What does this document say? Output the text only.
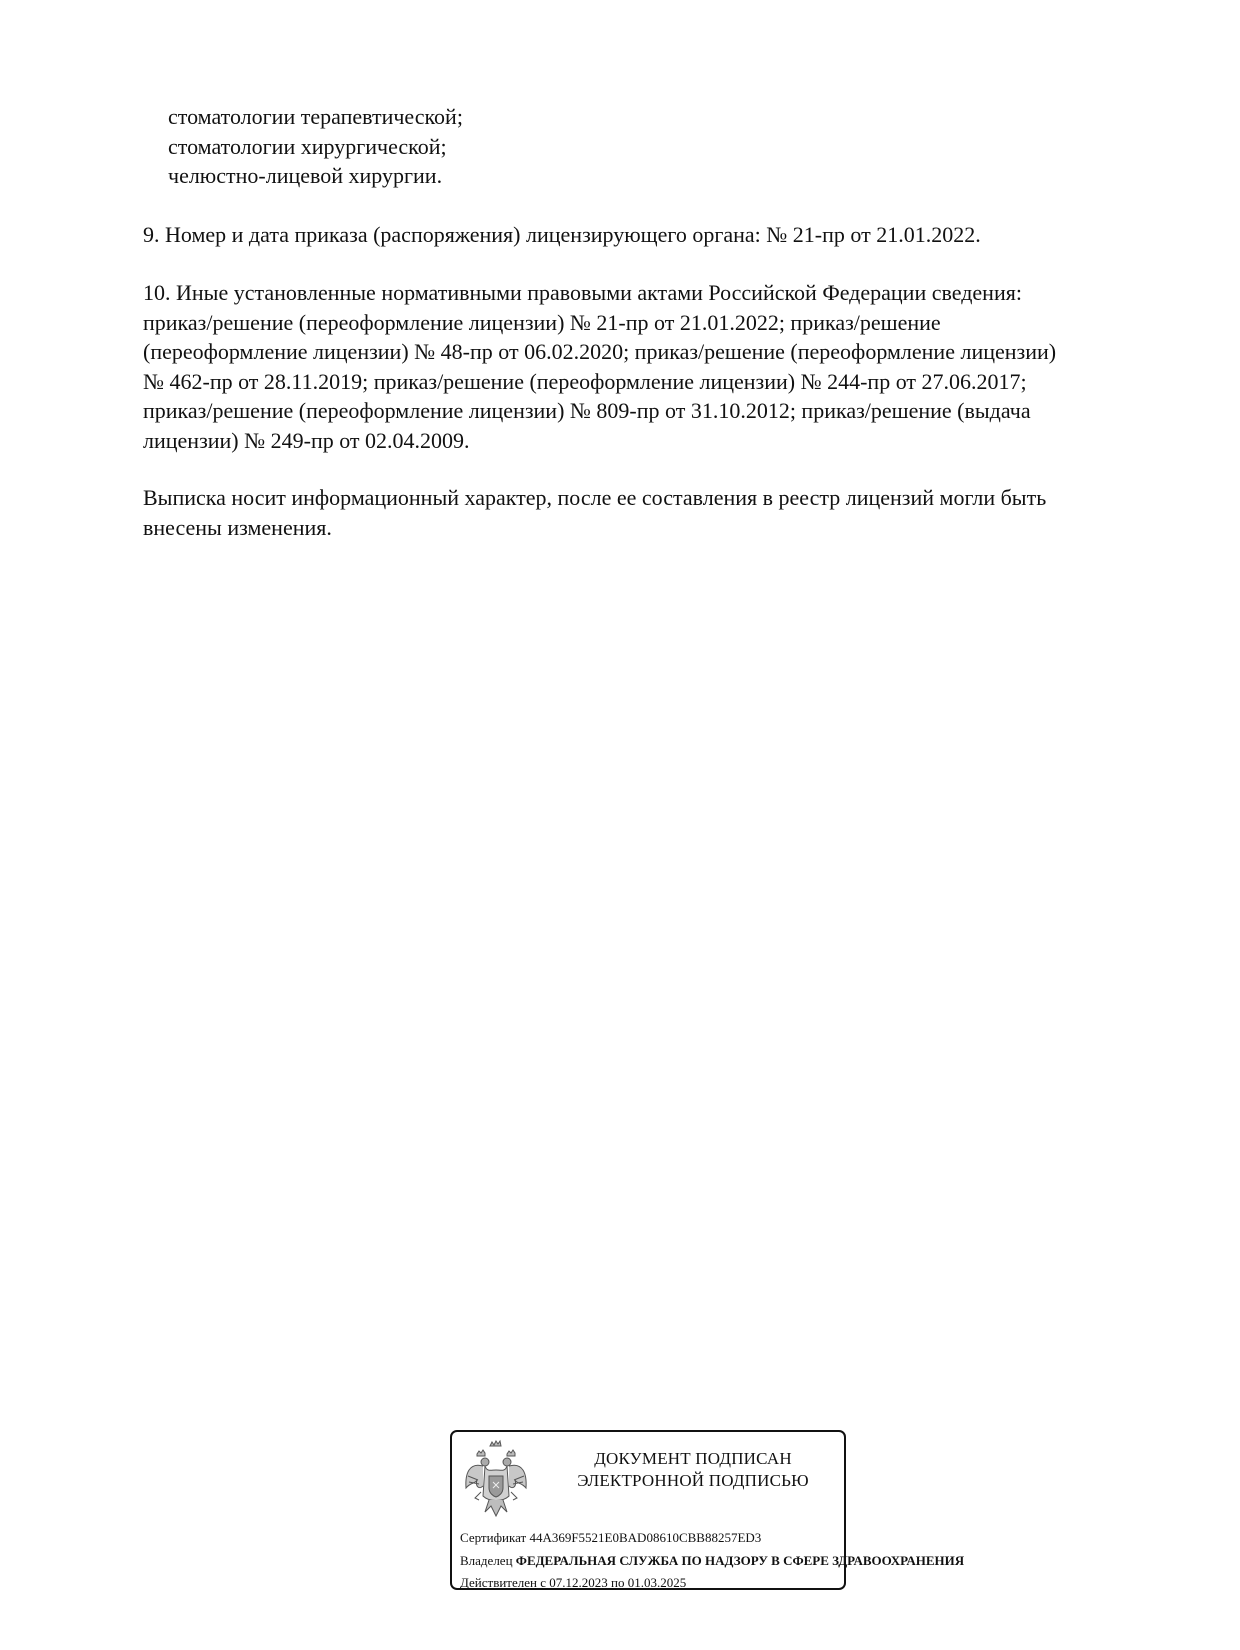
стоматологии терапевтической;
стоматологии хирургической;
челюстно-лицевой хирургии.

9. Номер и дата приказа (распоряжения) лицензирующего органа: № 21-пр от 21.01.2022.

10. Иные установленные нормативными правовыми актами Российской Федерации сведения:
приказ/решение (переоформление лицензии) № 21-пр от 21.01.2022; приказ/решение
(переоформление лицензии) № 48-пр от 06.02.2020; приказ/решение (переоформление лицензии)
№ 462-пр от 28.11.2019; приказ/решение (переоформление лицензии) № 244-пр от 27.06.2017;
приказ/решение (переоформление лицензии) № 809-пр от 31.10.2012; приказ/решение (выдача
лицензии) № 249-пр от 02.04.2009.

Выписка носит информационный характер, после ее составления в реестр лицензий могли быть
внесены изменения.

ДОКУМЕНТ ПОДПИСАН
ЭЛЕКТРОННОЙ ПОДПИСЬЮ
Сертификат 44A369F5521E0BAD08610CBB88257ED3
Владелец ФЕДЕРАЛЬНАЯ СЛУЖБА ПО НАДЗОРУ В СФЕРЕ ЗДРАВООХРАНЕНИЯ
Действителен с 07.12.2023 по 01.03.2025
